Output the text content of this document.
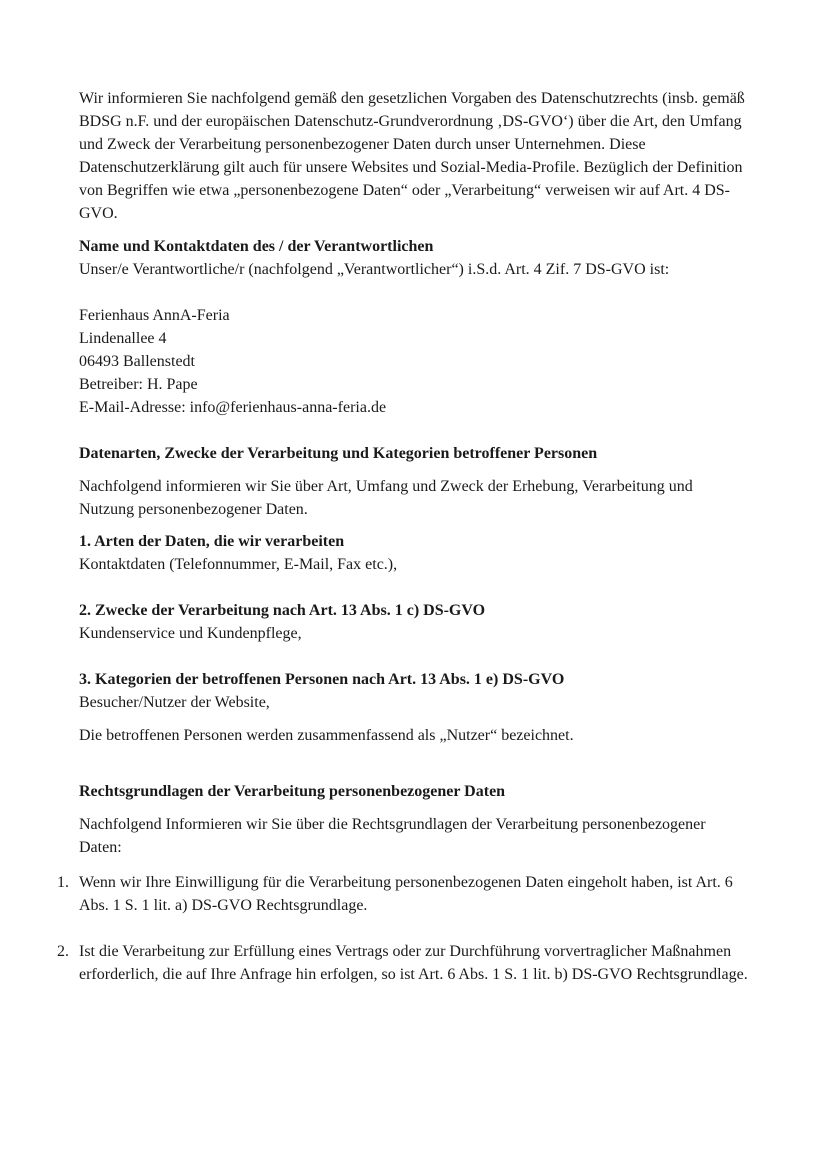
Wir informieren Sie nachfolgend gemäß den gesetzlichen Vorgaben des Datenschutzrechts (insb. gemäß BDSG n.F. und der europäischen Datenschutz-Grundverordnung ‚DS-GVO‘) über die Art, den Umfang und Zweck der Verarbeitung personenbezogener Daten durch unser Unternehmen. Diese Datenschutzerklärung gilt auch für unsere Websites und Sozial-Media-Profile. Bezüglich der Definition von Begriffen wie etwa „personenbezogene Daten“ oder „Verarbeitung“ verweisen wir auf Art. 4 DS-GVO.

Name und Kontaktdaten des / der Verantwortlichen

Unser/e Verantwortliche/r (nachfolgend „Verantwortlicher“) i.S.d. Art. 4 Zif. 7 DS-GVO ist:

Ferienhaus AnnA-Feria

Lindenallee 4

06493 Ballenstedt

Betreiber: H. Pape

E-Mail-Adresse: info@ferienhaus-anna-feria.de

Datenarten, Zwecke der Verarbeitung und Kategorien betroffener Personen

Nachfolgend informieren wir Sie über Art, Umfang und Zweck der Erhebung, Verarbeitung und Nutzung personenbezogener Daten.

1. Arten der Daten, die wir verarbeiten

Kontaktdaten (Telefonnummer, E-Mail, Fax etc.),

2. Zwecke der Verarbeitung nach Art. 13 Abs. 1 c) DS-GVO

Kundenservice und Kundenpflege,

3. Kategorien der betroffenen Personen nach Art. 13 Abs. 1 e) DS-GVO

Besucher/Nutzer der Website,

Die betroffenen Personen werden zusammenfassend als „Nutzer“ bezeichnet.

Rechtsgrundlagen der Verarbeitung personenbezogener Daten

Nachfolgend Informieren wir Sie über die Rechtsgrundlagen der Verarbeitung personenbezogener Daten:

1. Wenn wir Ihre Einwilligung für die Verarbeitung personenbezogenen Daten eingeholt haben, ist Art. 6 Abs. 1 S. 1 lit. a) DS-GVO Rechtsgrundlage.
2. Ist die Verarbeitung zur Erfüllung eines Vertrags oder zur Durchführung vorvertraglicher Maßnahmen erforderlich, die auf Ihre Anfrage hin erfolgen, so ist Art. 6 Abs. 1 S. 1 lit. b) DS-GVO Rechtsgrundlage.
